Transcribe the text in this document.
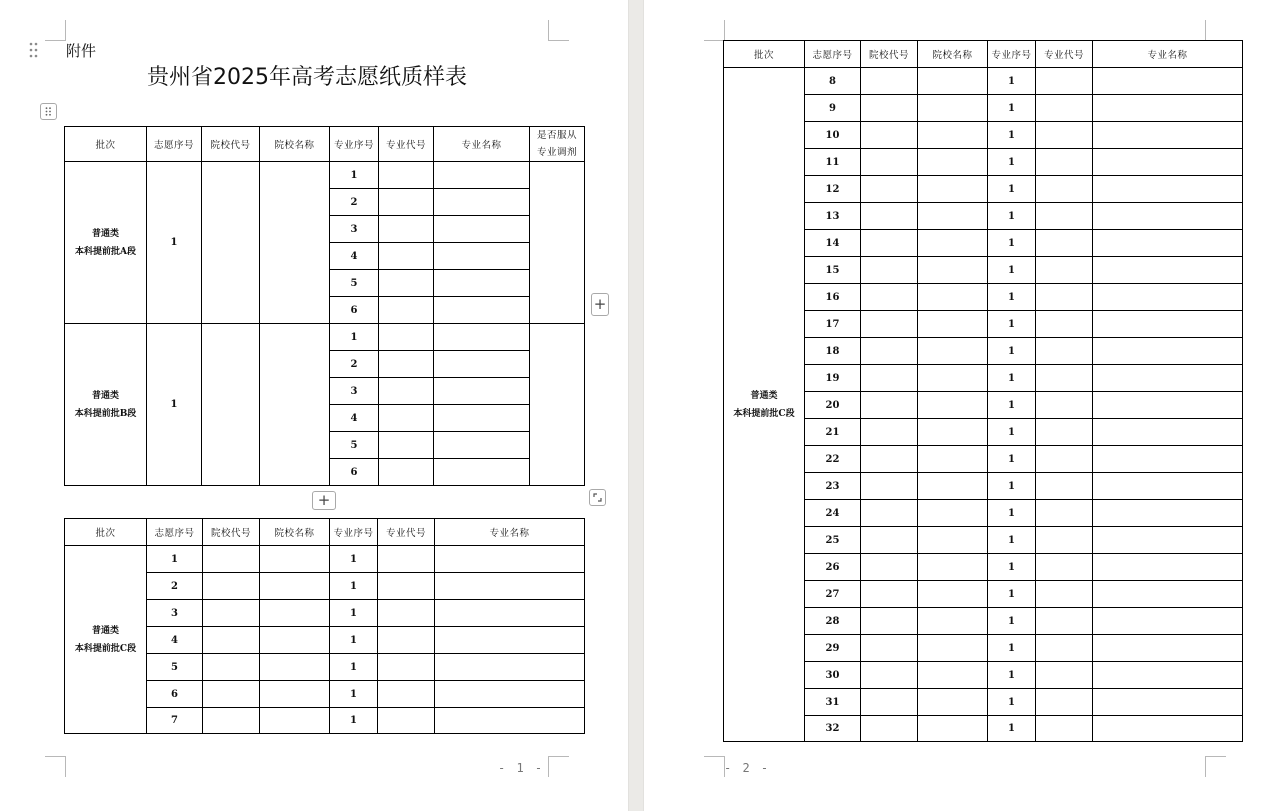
附件
贵州省2025年高考志愿纸质样表
批次	志愿序号	院校代号	院校名称	专业序号	专业代号	专业名称	是否服从
专业调剂

普通类
本科提前批A段	1			1			
				2			
				3			
				4			
				5			
				6			

普通类
本科提前批B段	1			1			
				2			
				3			
				4			
				5			
				6			
+
+
批次	志愿序号	院校代号	院校名称	专业序号	专业代号	专业名称

普通类
本科提前批C段	1			1		
	2			1		
	3			1		
	4			1		
	5			1		
	6			1		
	7			1		
- 1 -
批次	志愿序号	院校代号	院校名称	专业序号	专业代号	专业名称

普通类
本科提前批C段	8			1		
	9			1		
	10			1		
	11			1		
	12			1		
	13			1		
	14			1		
	15			1		
	16			1		
	17			1		
	18			1		
	19			1		
	20			1		
	21			1		
	22			1		
	23			1		
	24			1		
	25			1		
	26			1		
	27			1		
	28			1		
	29			1		
	30			1		
	31			1		
	32			1		
- 2 -
